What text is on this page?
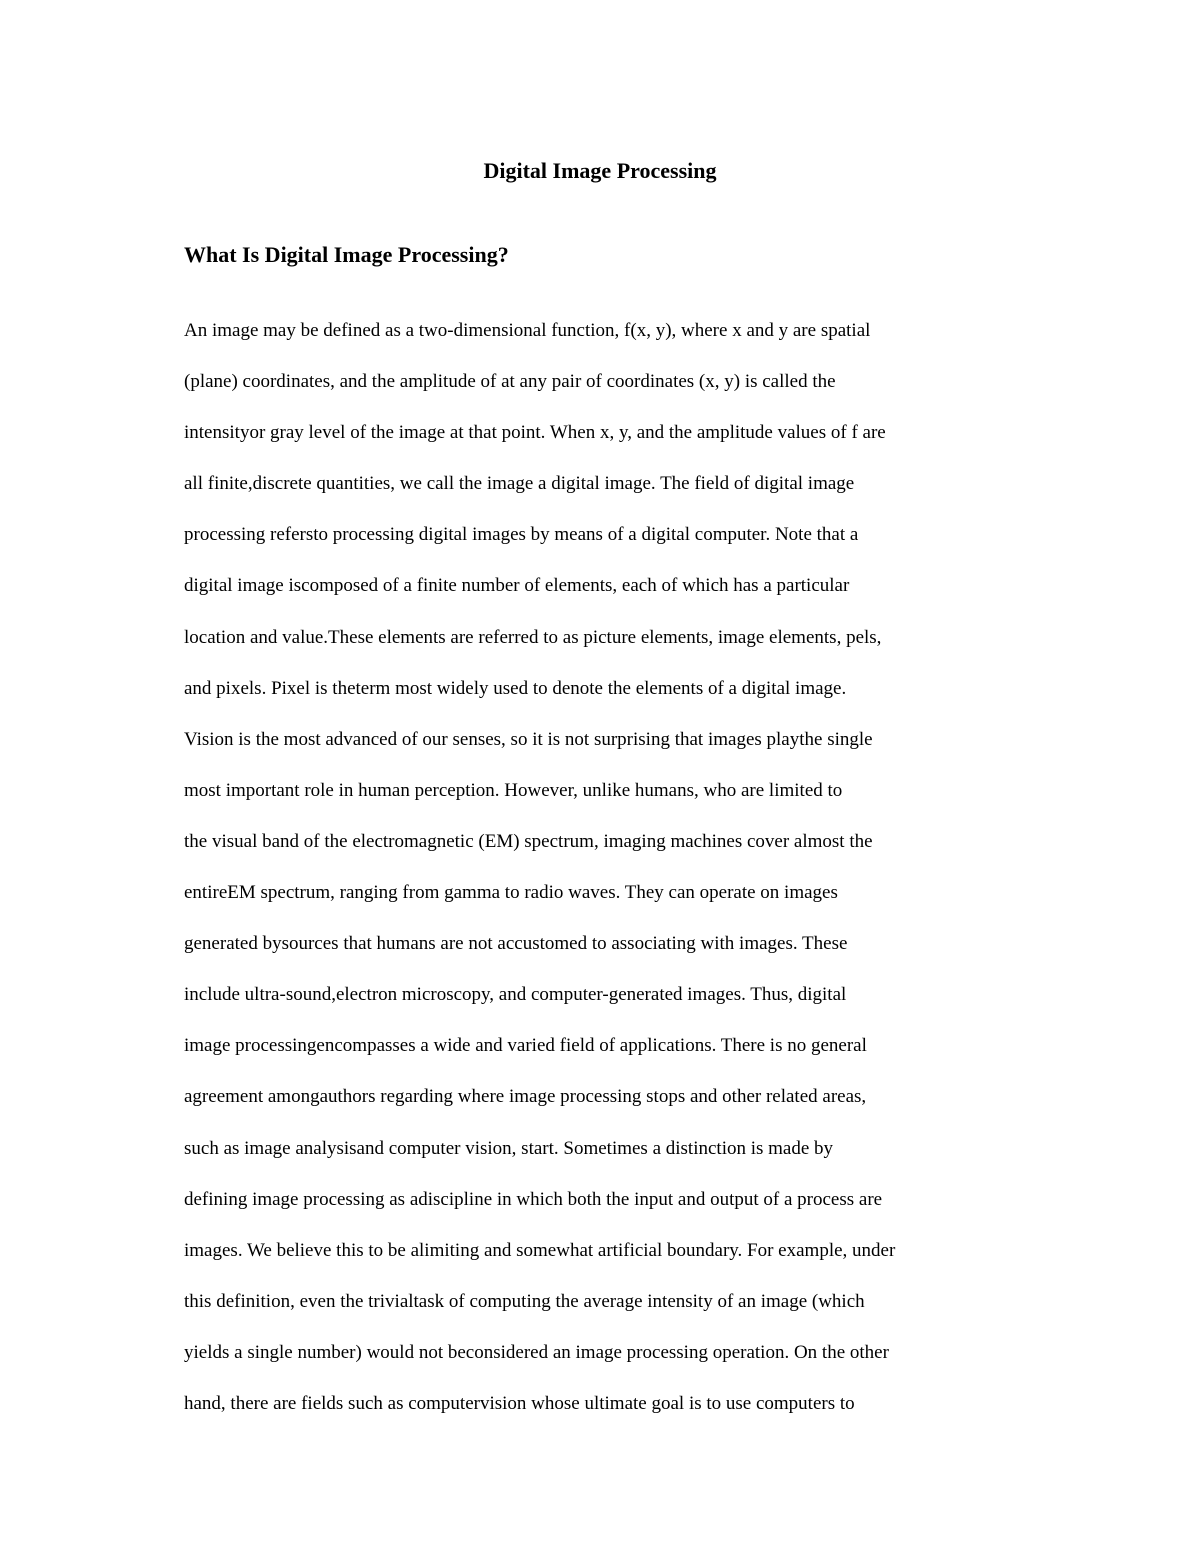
Digital Image Processing
What Is Digital Image Processing?
An image may be defined as a two-dimensional function, f(x, y), where x and y are spatial
(plane) coordinates, and the amplitude of at any pair of coordinates (x, y) is called the
intensityor gray level of the image at that point. When x, y, and the amplitude values of f are
all finite,discrete quantities, we call the image a digital image. The field of digital image
processing refersto processing digital images by means of a digital computer. Note that a
digital image iscomposed of a finite number of elements, each of which has a particular
location and value.These elements are referred to as picture elements, image elements, pels,
and pixels. Pixel is theterm most widely used to denote the elements of a digital image.
Vision is the most advanced of our senses, so it is not surprising that images playthe single
most important role in human perception. However, unlike humans, who are limited to
the visual band of the electromagnetic (EM) spectrum, imaging machines cover almost the
entireEM spectrum, ranging from gamma to radio waves. They can operate on images
generated bysources that humans are not accustomed to associating with images. These
include ultra-sound,electron microscopy, and computer-generated images. Thus, digital
image processingencompasses a wide and varied field of applications. There is no general
agreement amongauthors regarding where image processing stops and other related areas,
such as image analysisand computer vision, start. Sometimes a distinction is made by
defining image processing as adiscipline in which both the input and output of a process are
images. We believe this to be alimiting and somewhat artificial boundary. For example, under
this definition, even the trivialtask of computing the average intensity of an image (which
yields a single number) would not beconsidered an image processing operation. On the other
hand, there are fields such as computervision whose ultimate goal is to use computers to
